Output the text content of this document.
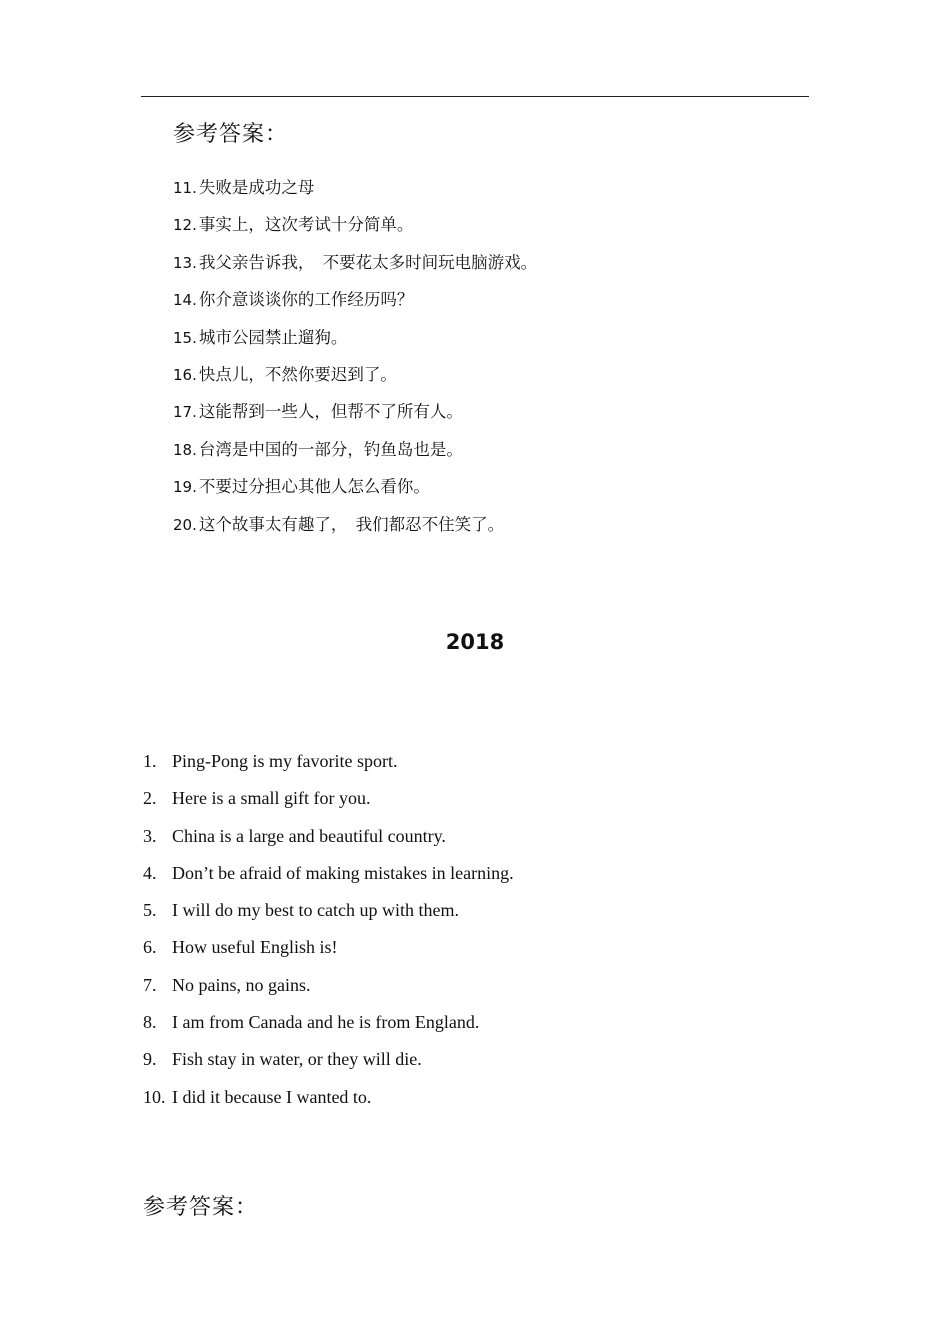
参考答案：
11. 失败是成功之母
12. 事实上，这次考试十分简单。
13. 我父亲告诉我，　不要花太多时间玩电脑游戏。
14. 你介意谈谈你的工作经历吗？
15. 城市公园禁止遛狗。
16. 快点儿，不然你要迟到了。
17. 这能帮到一些人，但帮不了所有人。
18. 台湾是中国的一部分，钓鱼岛也是。
19. 不要过分担心其他人怎么看你。
20. 这个故事太有趣了，　我们都忍不住笑了。
2018
1. Ping-Pong is my favorite sport.
2. Here is a small gift for you.
3. China is a large and beautiful country.
4. Don’t be afraid of making mistakes in learning.
5. I will do my best to catch up with them.
6. How useful English is!
7. No pains, no gains.
8. I am from Canada and he is from England.
9. Fish stay in water, or they will die.
10. I did it because I wanted to.
参考答案：
